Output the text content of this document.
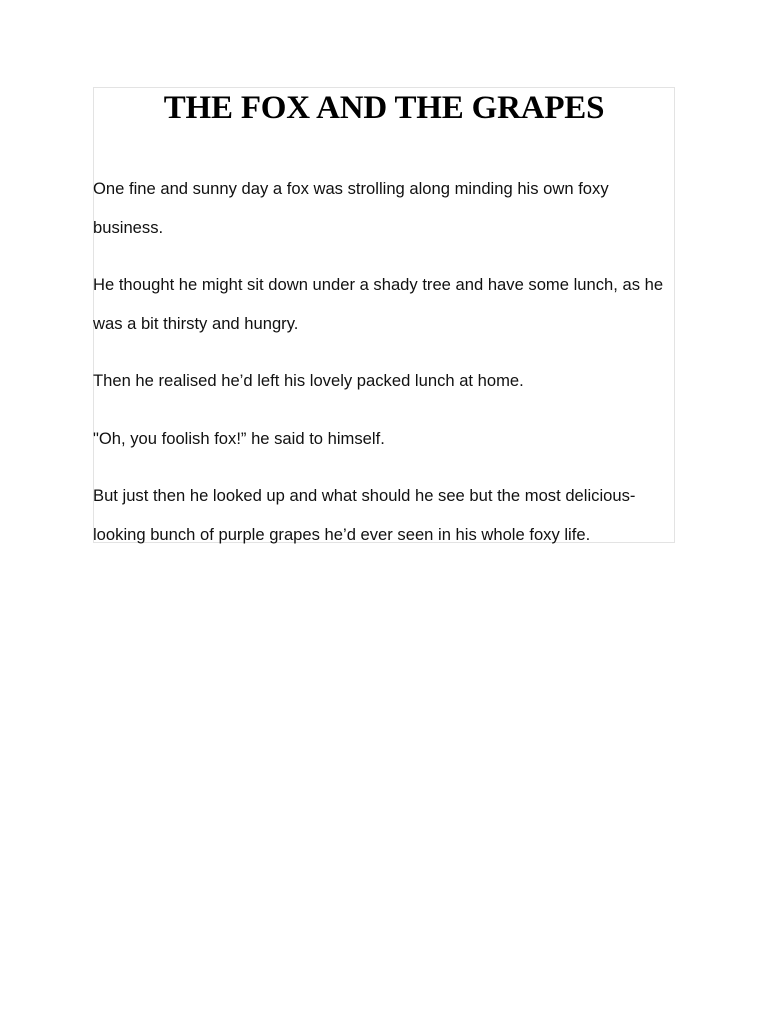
THE FOX AND THE GRAPES

One fine and sunny day a fox was strolling along minding his own foxy business.

He thought he might sit down under a shady tree and have some lunch, as he was a bit thirsty and hungry.

Then he realised he’d left his lovely packed lunch at home.

"Oh, you foolish fox!” he said to himself.

But just then he looked up and what should he see but the most delicious-looking bunch of purple grapes he’d ever seen in his whole foxy life.
